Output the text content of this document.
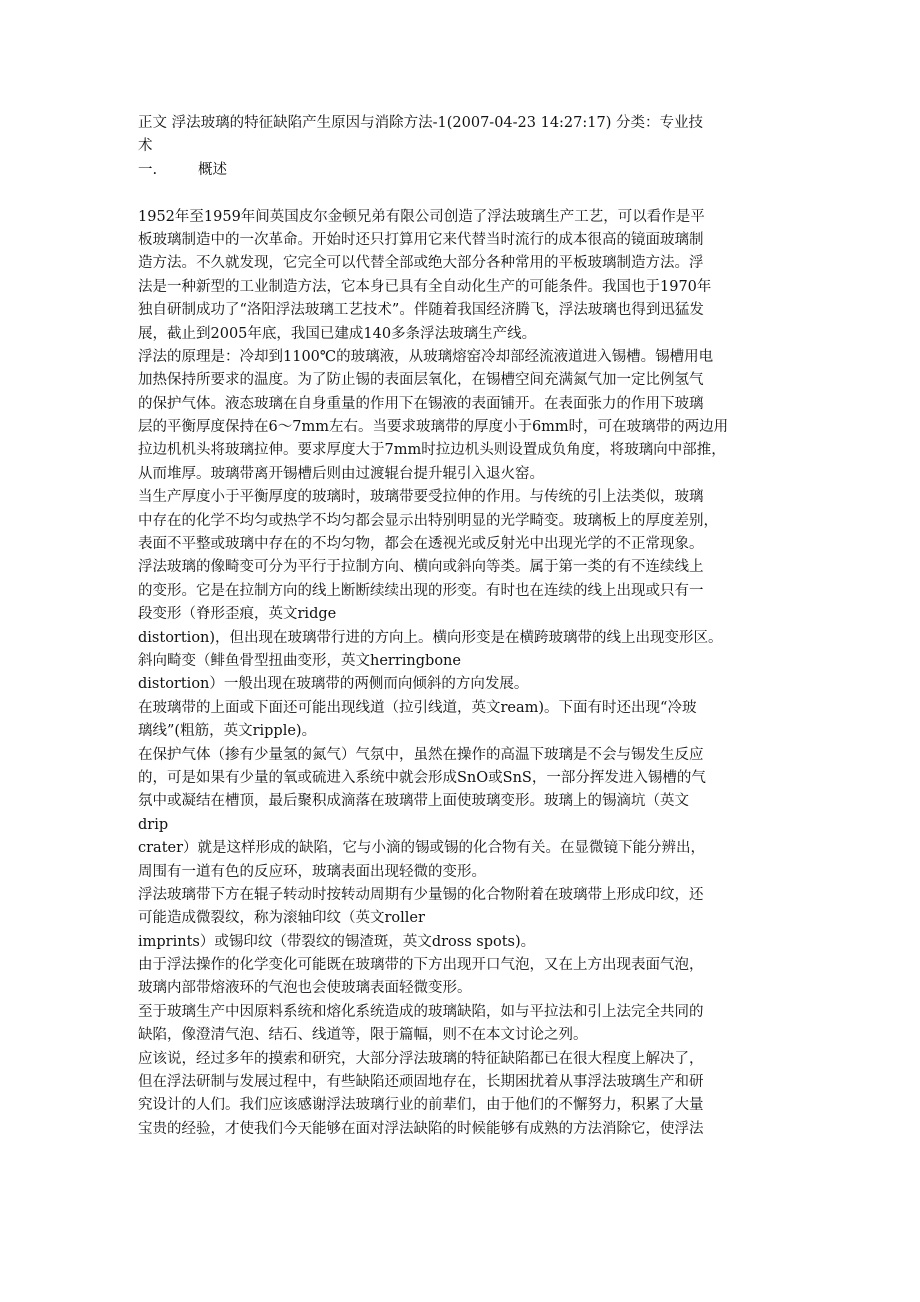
正文 浮法玻璃的特征缺陷产生原因与消除方法-1(2007-04-23 14:27:17) 分类：专业技
术
一.	概述
1952年至1959年间英国皮尔金顿兄弟有限公司创造了浮法玻璃生产工艺，可以看作是平
板玻璃制造中的一次革命。开始时还只打算用它来代替当时流行的成本很高的镜面玻璃制
造方法。不久就发现，它完全可以代替全部或绝大部分各种常用的平板玻璃制造方法。浮
法是一种新型的工业制造方法，它本身已具有全自动化生产的可能条件。我国也于1970年
独自研制成功了“洛阳浮法玻璃工艺技术”。伴随着我国经济腾飞，浮法玻璃也得到迅猛发
展，截止到2005年底，我国已建成140多条浮法玻璃生产线。
浮法的原理是：冷却到1100℃的玻璃液，从玻璃熔窑冷却部经流液道进入锡槽。锡槽用电
加热保持所要求的温度。为了防止锡的表面层氧化，在锡槽空间充满氮气加一定比例氢气
的保护气体。液态玻璃在自身重量的作用下在锡液的表面铺开。在表面张力的作用下玻璃
层的平衡厚度保持在6～7mm左右。当要求玻璃带的厚度小于6mm时，可在玻璃带的两边用
拉边机机头将玻璃拉伸。要求厚度大于7mm时拉边机头则设置成负角度，将玻璃向中部推，
从而堆厚。玻璃带离开锡槽后则由过渡辊台提升辊引入退火窑。
当生产厚度小于平衡厚度的玻璃时，玻璃带要受拉伸的作用。与传统的引上法类似，玻璃
中存在的化学不均匀或热学不均匀都会显示出特别明显的光学畸变。玻璃板上的厚度差别，
表面不平整或玻璃中存在的不均匀物，都会在透视光或反射光中出现光学的不正常现象。
浮法玻璃的像畸变可分为平行于拉制方向、横向或斜向等类。属于第一类的有不连续线上
的变形。它是在拉制方向的线上断断续续出现的形变。有时也在连续的线上出现或只有一
段变形（脊形歪痕，英文ridge
distortion)，但出现在玻璃带行进的方向上。横向形变是在横跨玻璃带的线上出现变形区。
斜向畸变（鲱鱼骨型扭曲变形，英文herringbone
distortion）一般出现在玻璃带的两侧而向倾斜的方向发展。
在玻璃带的上面或下面还可能出现线道（拉引线道，英文ream)。下面有时还出现“冷玻
璃线”(粗筋，英文ripple)。
在保护气体（掺有少量氢的氮气）气氛中，虽然在操作的高温下玻璃是不会与锡发生反应
的，可是如果有少量的氧或硫进入系统中就会形成SnO或SnS，一部分挥发进入锡槽的气
氛中或凝结在槽顶，最后聚积成滴落在玻璃带上面使玻璃变形。玻璃上的锡滴坑（英文
drip
crater）就是这样形成的缺陷，它与小滴的锡或锡的化合物有关。在显微镜下能分辨出，
周围有一道有色的反应环，玻璃表面出现轻微的变形。
浮法玻璃带下方在辊子转动时按转动周期有少量锡的化合物附着在玻璃带上形成印纹，还
可能造成微裂纹，称为滚轴印纹（英文roller
imprints）或锡印纹（带裂纹的锡渣斑，英文dross spots)。
由于浮法操作的化学变化可能既在玻璃带的下方出现开口气泡，又在上方出现表面气泡，
玻璃内部带熔液环的气泡也会使玻璃表面轻微变形。
至于玻璃生产中因原料系统和熔化系统造成的玻璃缺陷，如与平拉法和引上法完全共同的
缺陷，像澄清气泡、结石、线道等，限于篇幅，则不在本文讨论之列。
应该说，经过多年的摸索和研究，大部分浮法玻璃的特征缺陷都已在很大程度上解决了，
但在浮法研制与发展过程中，有些缺陷还顽固地存在，长期困扰着从事浮法玻璃生产和研
究设计的人们。我们应该感谢浮法玻璃行业的前辈们，由于他们的不懈努力，积累了大量
宝贵的经验，才使我们今天能够在面对浮法缺陷的时候能够有成熟的方法消除它，使浮法
